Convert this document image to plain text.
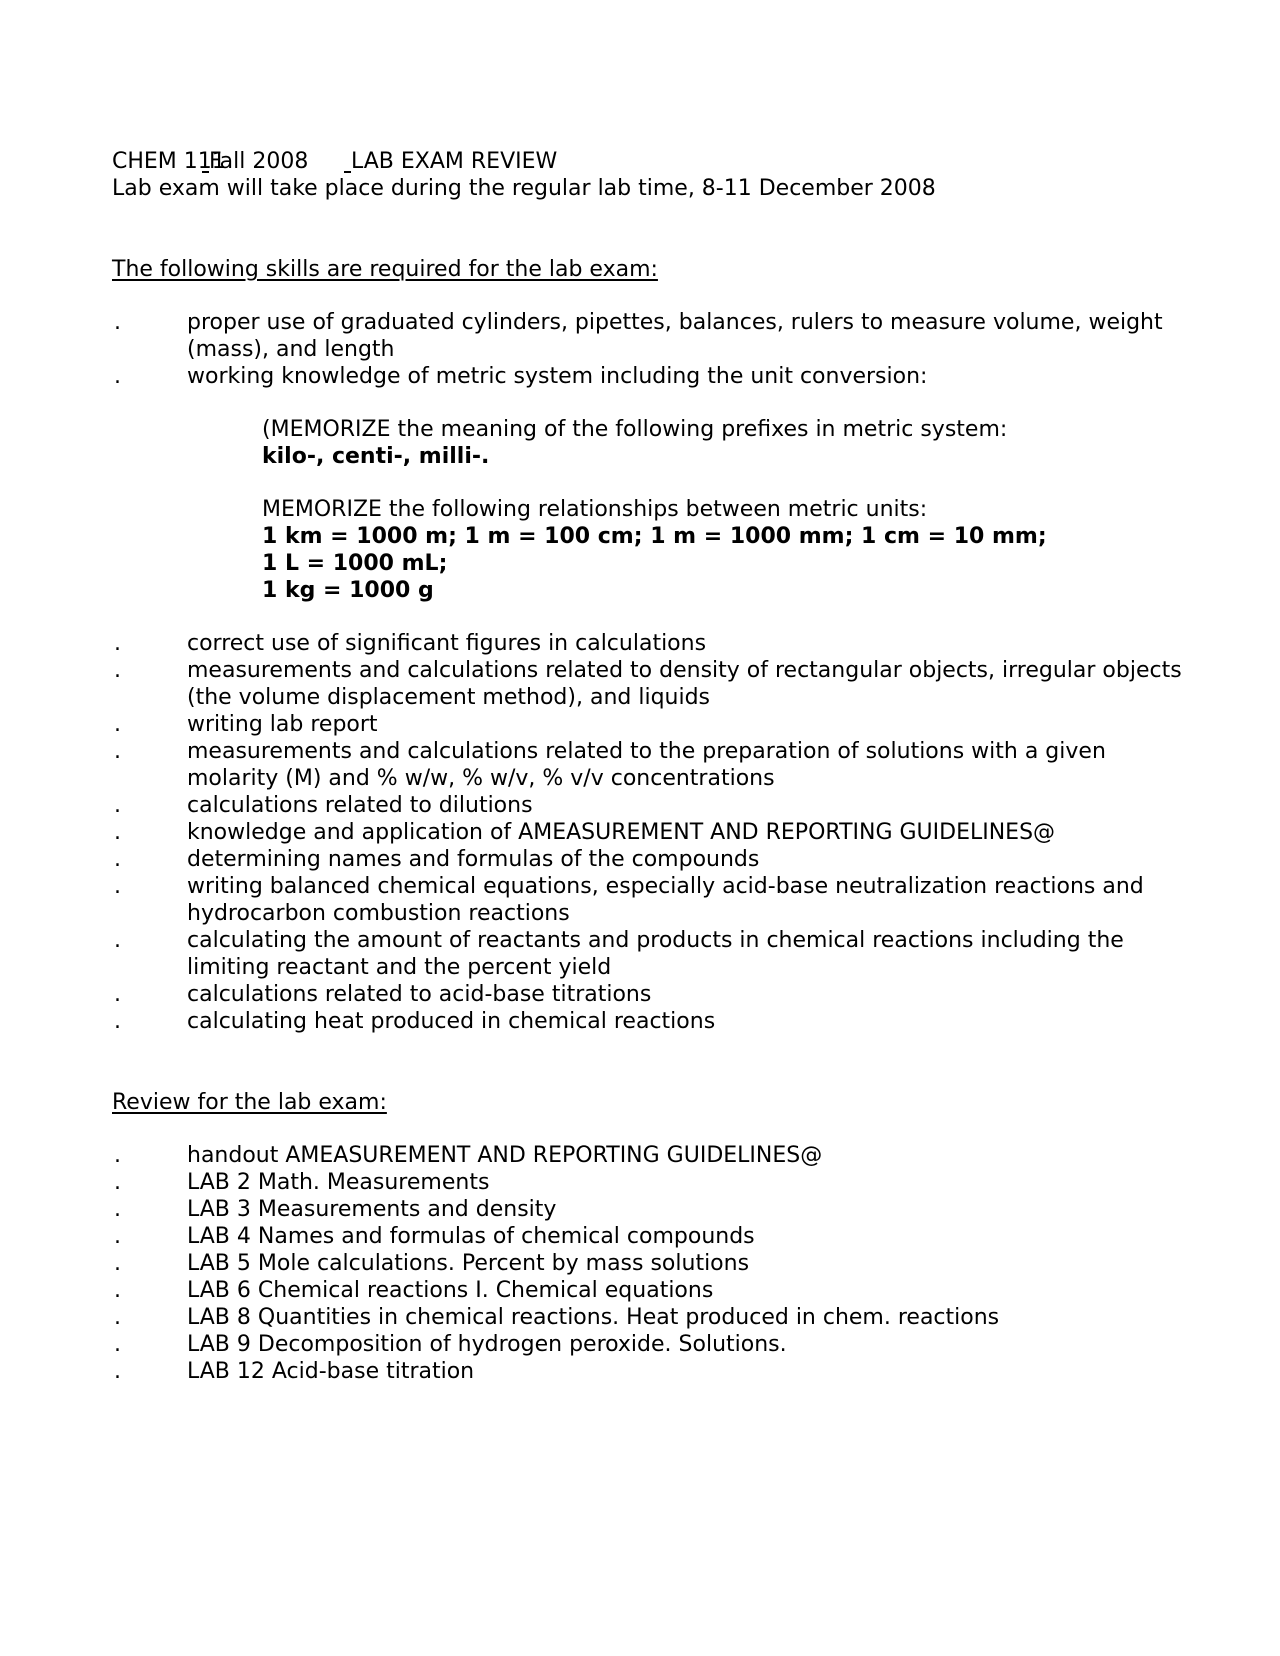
CHEM 111 Fall 2008 LAB EXAM REVIEW
Lab exam will take place during the regular lab time, 8-11 December 2008
The following skills are required for the lab exam:
.	proper use of graduated cylinders, pipettes, balances, rulers to measure volume, weight (mass), and length
.	working knowledge of metric system including the unit conversion:
(MEMORIZE the meaning of the following prefixes in metric system:
kilo-, centi-, milli-.
MEMORIZE the following relationships between metric units:
1 km = 1000 m; 1 m = 100 cm; 1 m = 1000 mm; 1 cm = 10 mm;
1 L = 1000 mL;
1 kg = 1000 g
.	correct use of significant figures in calculations
.	measurements and calculations related to density of rectangular objects, irregular objects (the volume displacement method), and liquids
.	writing lab report
.	measurements and calculations related to the preparation of solutions with a given molarity (M) and % w/w, % w/v, % v/v concentrations
.	calculations related to dilutions
.	knowledge and application of AMEASUREMENT AND REPORTING GUIDELINES@
.	determining names and formulas of the compounds
.	writing balanced chemical equations, especially acid-base neutralization reactions and hydrocarbon combustion reactions
.	calculating the amount of reactants and products in chemical reactions including the limiting reactant and the percent yield
.	calculations related to acid-base titrations
.	calculating heat produced in chemical reactions
Review for the lab exam:
.	handout AMEASUREMENT AND REPORTING GUIDELINES@
.	LAB 2 Math. Measurements
.	LAB 3 Measurements and density
.	LAB 4 Names and formulas of chemical compounds
.	LAB 5 Mole calculations. Percent by mass solutions
.	LAB 6 Chemical reactions I. Chemical equations
.	LAB 8 Quantities in chemical reactions. Heat produced in chem. reactions
.	LAB 9 Decomposition of hydrogen peroxide. Solutions.
.	LAB 12 Acid-base titration
